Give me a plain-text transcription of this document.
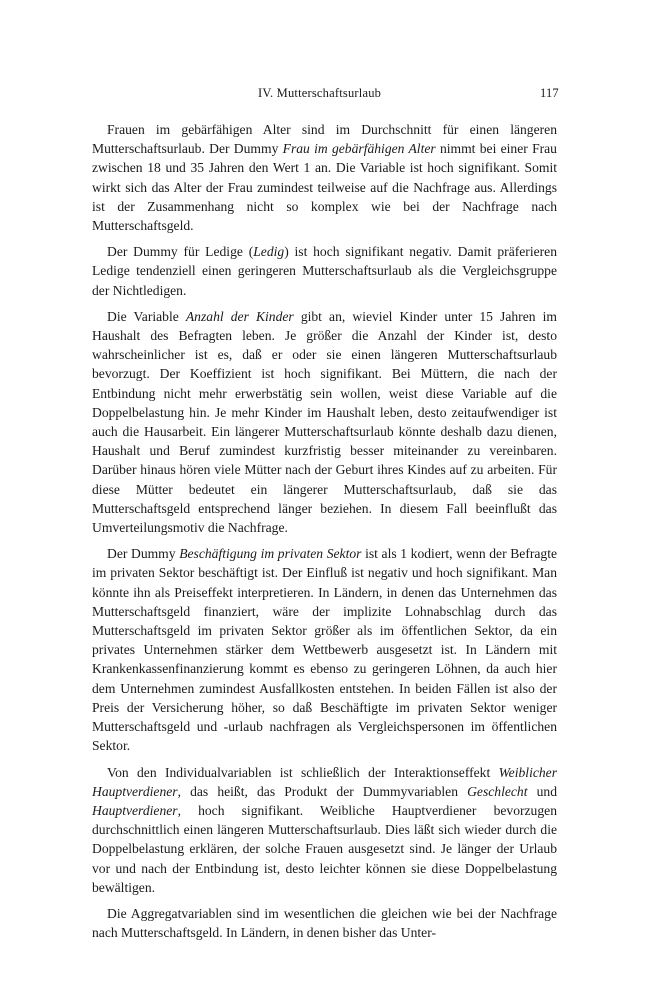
IV. Mutterschaftsurlaub	117

Frauen im gebärfähigen Alter sind im Durchschnitt für einen längeren Mutterschaftsurlaub. Der Dummy Frau im gebärfähigen Alter nimmt bei einer Frau zwischen 18 und 35 Jahren den Wert 1 an. Die Variable ist hoch signifikant. Somit wirkt sich das Alter der Frau zumindest teilweise auf die Nachfrage aus. Allerdings ist der Zusammenhang nicht so komplex wie bei der Nachfrage nach Mutterschaftsgeld.

Der Dummy für Ledige (Ledig) ist hoch signifikant negativ. Damit präferieren Ledige tendenziell einen geringeren Mutterschaftsurlaub als die Vergleichsgruppe der Nichtledigen.

Die Variable Anzahl der Kinder gibt an, wieviel Kinder unter 15 Jahren im Haushalt des Befragten leben. Je größer die Anzahl der Kinder ist, desto wahrscheinlicher ist es, daß er oder sie einen längeren Mutterschaftsurlaub bevorzugt. Der Koeffizient ist hoch signifikant. Bei Müttern, die nach der Entbindung nicht mehr erwerbstätig sein wollen, weist diese Variable auf die Doppelbelastung hin. Je mehr Kinder im Haushalt leben, desto zeitaufwendiger ist auch die Hausarbeit. Ein längerer Mutterschaftsurlaub könnte deshalb dazu dienen, Haushalt und Beruf zumindest kurzfristig besser miteinander zu vereinbaren. Darüber hinaus hören viele Mütter nach der Geburt ihres Kindes auf zu arbeiten. Für diese Mütter bedeutet ein längerer Mutterschaftsurlaub, daß sie das Mutterschaftsgeld entsprechend länger beziehen. In diesem Fall beeinflußt das Umverteilungsmotiv die Nachfrage.

Der Dummy Beschäftigung im privaten Sektor ist als 1 kodiert, wenn der Befragte im privaten Sektor beschäftigt ist. Der Einfluß ist negativ und hoch signifikant. Man könnte ihn als Preiseffekt interpretieren. In Ländern, in denen das Unternehmen das Mutterschaftsgeld finanziert, wäre der implizite Lohnabschlag durch das Mutterschaftsgeld im privaten Sektor größer als im öffentlichen Sektor, da ein privates Unternehmen stärker dem Wettbewerb ausgesetzt ist. In Ländern mit Krankenkassenfinanzierung kommt es ebenso zu geringeren Löhnen, da auch hier dem Unternehmen zumindest Ausfallkosten entstehen. In beiden Fällen ist also der Preis der Versicherung höher, so daß Beschäftigte im privaten Sektor weniger Mutterschaftsgeld und -urlaub nachfragen als Vergleichspersonen im öffentlichen Sektor.

Von den Individualvariablen ist schließlich der Interaktionseffekt Weiblicher Hauptverdiener, das heißt, das Produkt der Dummyvariablen Geschlecht und Hauptverdiener, hoch signifikant. Weibliche Hauptverdiener bevorzugen durchschnittlich einen längeren Mutterschaftsurlaub. Dies läßt sich wieder durch die Doppelbelastung erklären, der solche Frauen ausgesetzt sind. Je länger der Urlaub vor und nach der Entbindung ist, desto leichter können sie diese Doppelbelastung bewältigen.

Die Aggregatvariablen sind im wesentlichen die gleichen wie bei der Nachfrage nach Mutterschaftsgeld. In Ländern, in denen bisher das Unter-
